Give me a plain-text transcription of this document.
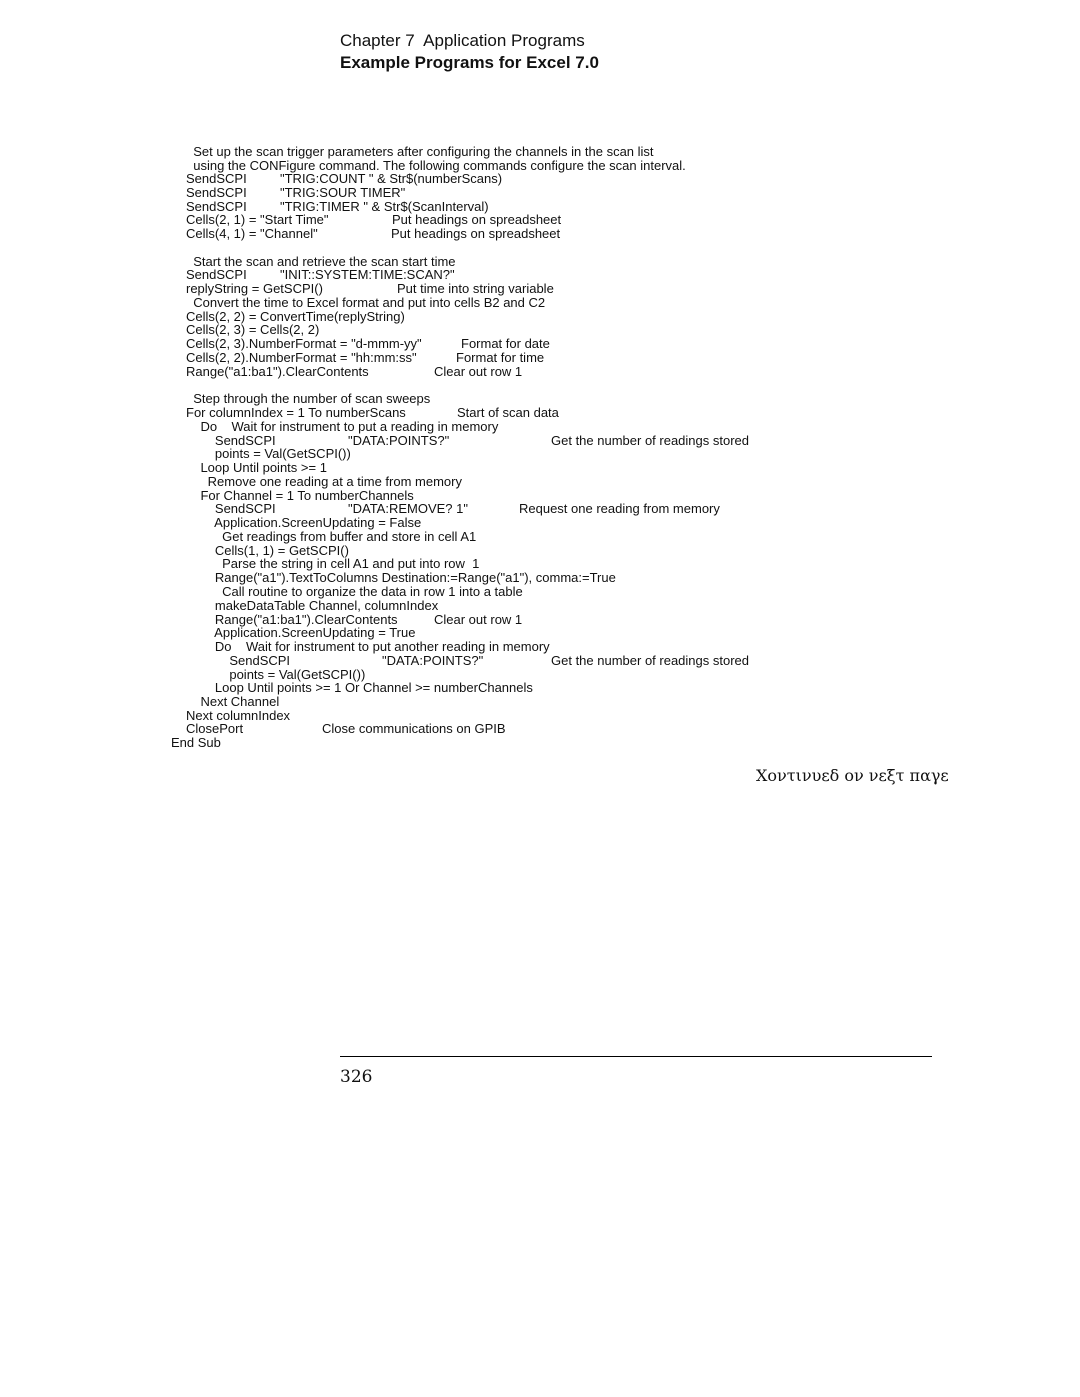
Chapter 7  Application Programs
Example Programs for Excel 7.0
Set up the scan trigger parameters after configuring the channels in the scan list
using the CONFigure command. The following commands configure the scan interval.
SendSCPI	"TRIG:COUNT " & Str$(numberScans)
SendSCPI	"TRIG:SOUR TIMER"
SendSCPI	"TRIG:TIMER " & Str$(ScanInterval)
Cells(2, 1) = "Start Time"	Put headings on spreadsheet
Cells(4, 1) = "Channel"	Put headings on spreadsheet
Start the scan and retrieve the scan start time
SendSCPI	"INIT::SYSTEM:TIME:SCAN?"
replyString = GetSCPI()	Put time into string variable
Convert the time to Excel format and put into cells B2 and C2
Cells(2, 2) = ConvertTime(replyString)
Cells(2, 3) = Cells(2, 2)
Cells(2, 3).NumberFormat = "d-mmm-yy"	Format for date
Cells(2, 2).NumberFormat = "hh:mm:ss"	Format for time
Range("a1:ba1").ClearContents	Clear out row 1
Step through the number of scan sweeps
For columnIndex = 1 To numberScans	Start of scan data
Do    Wait for instrument to put a reading in memory
SendSCPI	"DATA:POINTS?"	Get the number of readings stored
points = Val(GetSCPI())
Loop Until points >= 1
Remove one reading at a time from memory
For Channel = 1 To numberChannels
SendSCPI	"DATA:REMOVE? 1"	Request one reading from memory
Application.ScreenUpdating = False
Get readings from buffer and store in cell A1
Cells(1, 1) = GetSCPI()
Parse the string in cell A1 and put into row  1
Range("a1").TextToColumns Destination:=Range("a1"), comma:=True
Call routine to organize the data in row 1 into a table
makeDataTable Channel, columnIndex
Range("a1:ba1").ClearContents	Clear out row 1
Application.ScreenUpdating = True
Do    Wait for instrument to put another reading in memory
SendSCPI	"DATA:POINTS?"	Get the number of readings stored
points = Val(GetSCPI())
Loop Until points >= 1 Or Channel >= numberChannels
Next Channel
Next columnIndex
ClosePort	Close communications on GPIB
End Sub
Χοντινυεδ ον νεξτ παγε
326
